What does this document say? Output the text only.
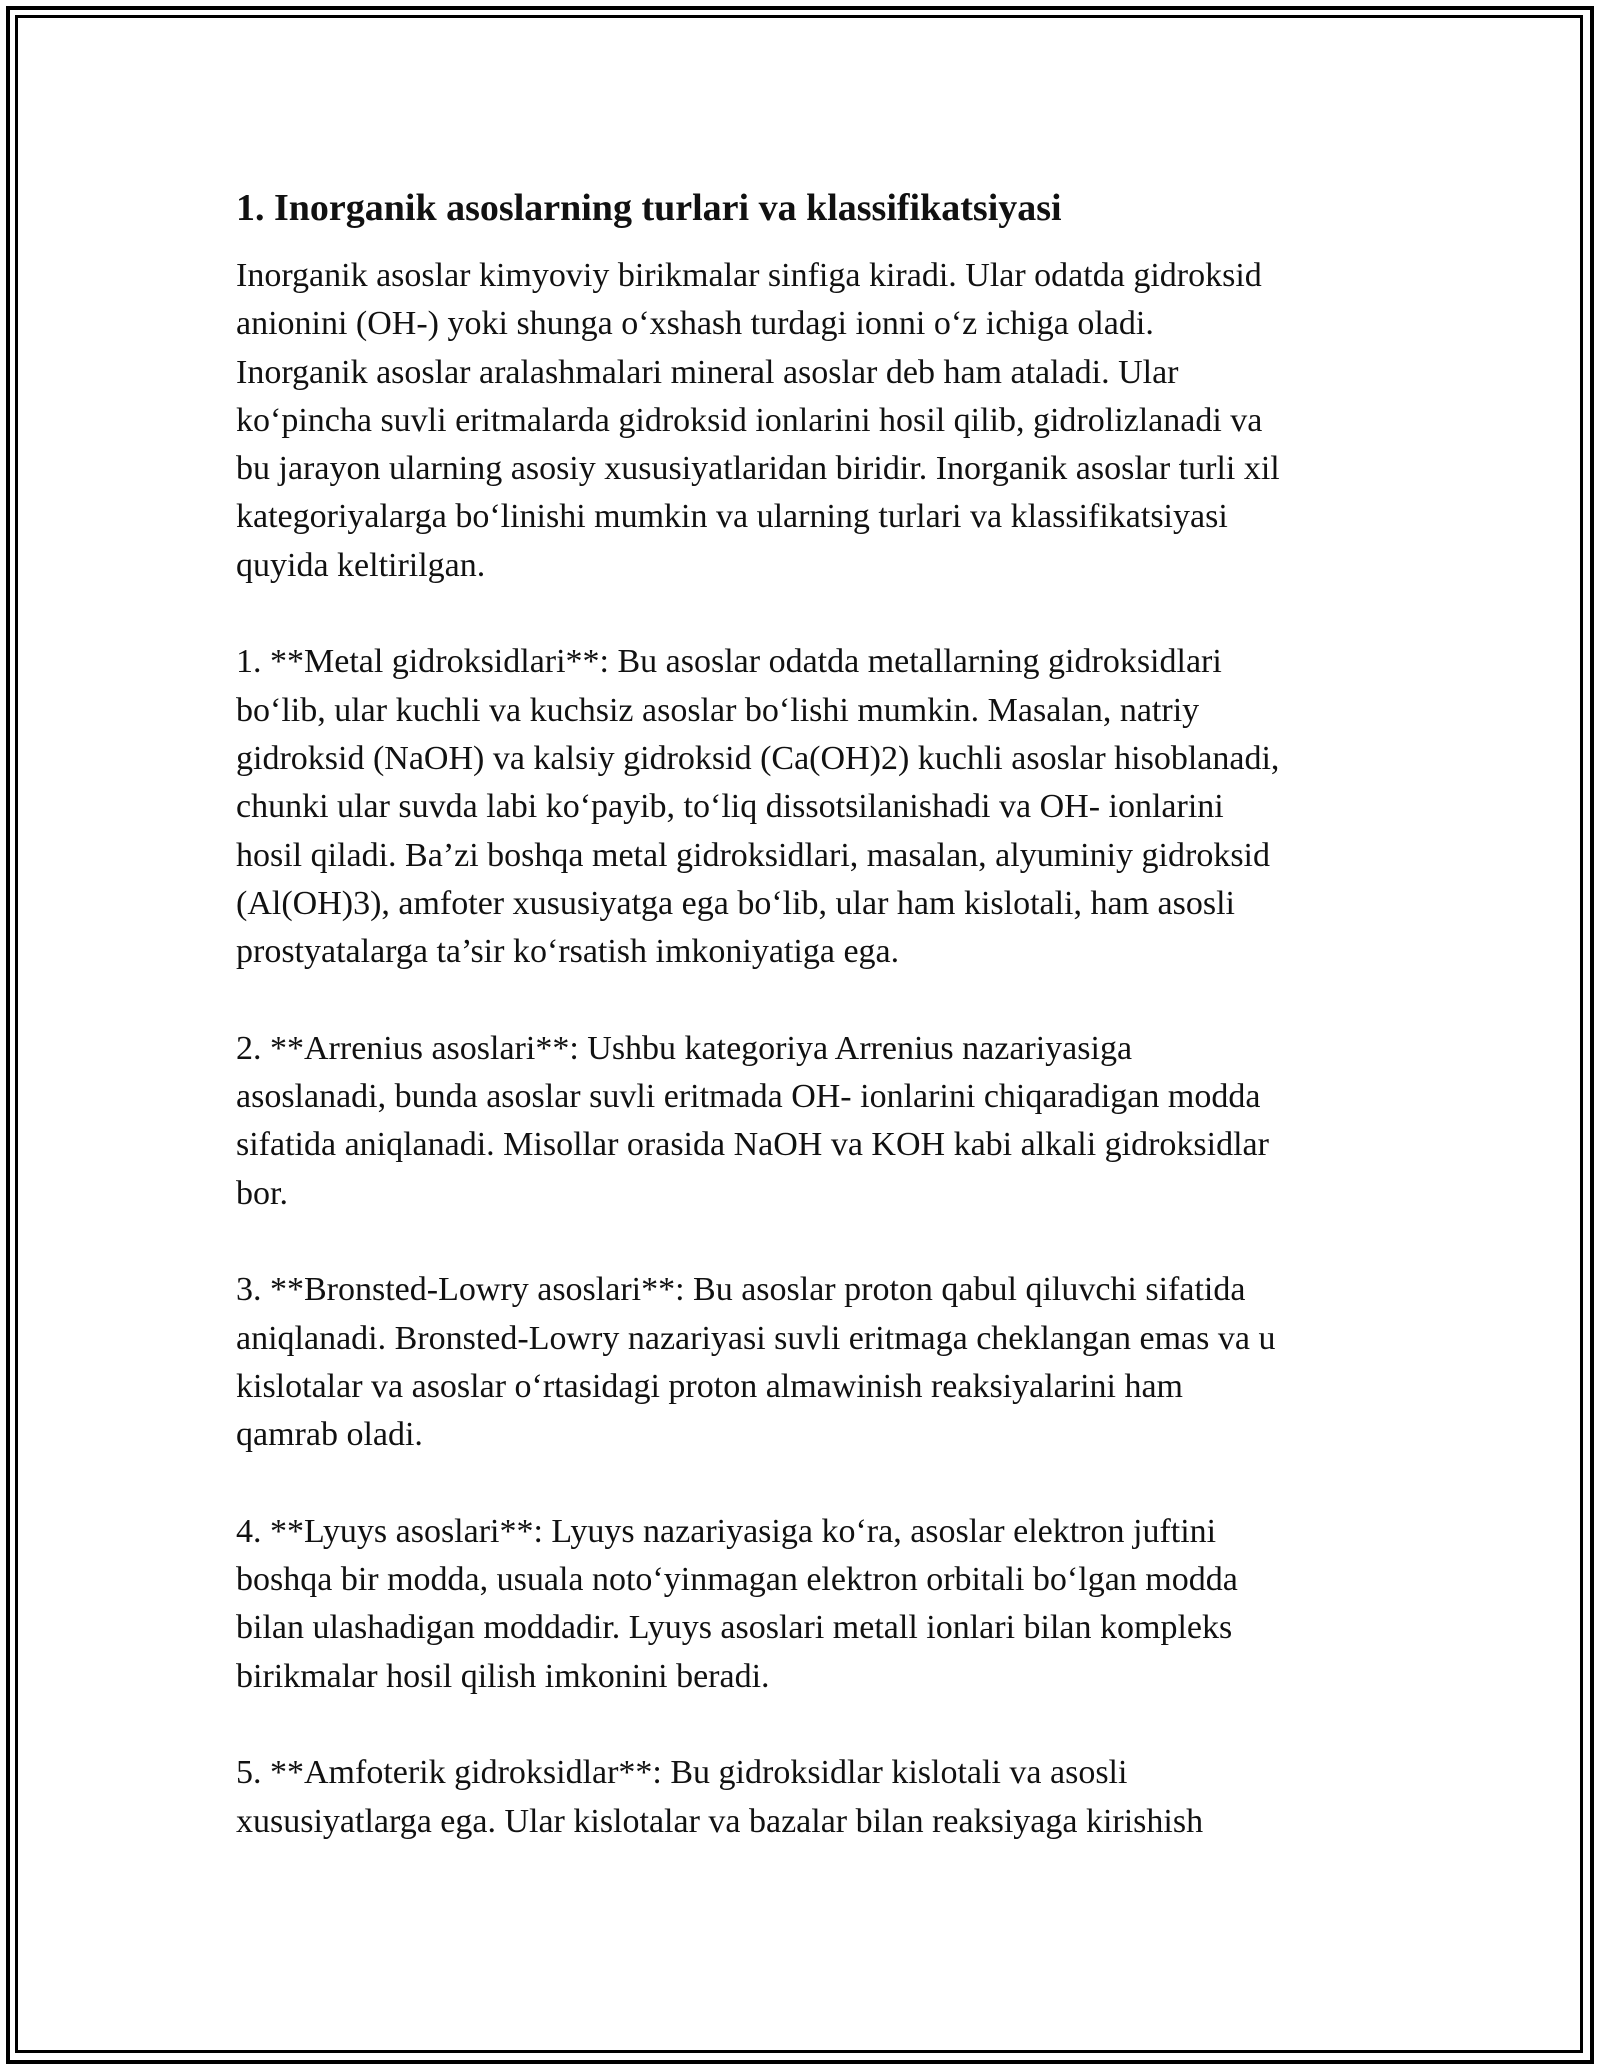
1. Inorganik asoslarning turlari va klassifikatsiyasi

Inorganik asoslar kimyoviy birikmalar sinfiga kiradi. Ular odatda gidroksid
anionini (OH-) yoki shunga oʻxshash turdagi ionni oʻz ichiga oladi.
Inorganik asoslar aralashmalari mineral asoslar deb ham ataladi. Ular
koʻpincha suvli eritmalarda gidroksid ionlarini hosil qilib, gidrolizlanadi va
bu jarayon ularning asosiy xususiyatlaridan biridir. Inorganik asoslar turli xil
kategoriyalarga boʻlinishi mumkin va ularning turlari va klassifikatsiyasi
quyida keltirilgan.

1. **Metal gidroksidlari**: Bu asoslar odatda metallarning gidroksidlari
boʻlib, ular kuchli va kuchsiz asoslar boʻlishi mumkin. Masalan, natriy
gidroksid (NaOH) va kalsiy gidroksid (Ca(OH)2) kuchli asoslar hisoblanadi,
chunki ular suvda labi koʻpayib, toʻliq dissotsilanishadi va OH- ionlarini
hosil qiladi. Ba’zi boshqa metal gidroksidlari, masalan, alyuminiy gidroksid
(Al(OH)3), amfoter xususiyatga ega boʻlib, ular ham kislotali, ham asosli
prostyatalarga ta’sir koʻrsatish imkoniyatiga ega.

2. **Arrenius asoslari**: Ushbu kategoriya Arrenius nazariyasiga
asoslanadi, bunda asoslar suvli eritmada OH- ionlarini chiqaradigan modda
sifatida aniqlanadi. Misollar orasida NaOH va KOH kabi alkali gidroksidlar
bor.

3. **Bronsted-Lowry asoslari**: Bu asoslar proton qabul qiluvchi sifatida
aniqlanadi. Bronsted-Lowry nazariyasi suvli eritmaga cheklangan emas va u
kislotalar va asoslar oʻrtasidagi proton almawinish reaksiyalarini ham
qamrab oladi.

4. **Lyuys asoslari**: Lyuys nazariyasiga koʻra, asoslar elektron juftini
boshqa bir modda, usuala notoʻyinmagan elektron orbitali boʻlgan modda
bilan ulashadigan moddadir. Lyuys asoslari metall ionlari bilan kompleks
birikmalar hosil qilish imkonini beradi.

5. **Amfoterik gidroksidlar**: Bu gidroksidlar kislotali va asosli
xususiyatlarga ega. Ular kislotalar va bazalar bilan reaksiyaga kirishish
